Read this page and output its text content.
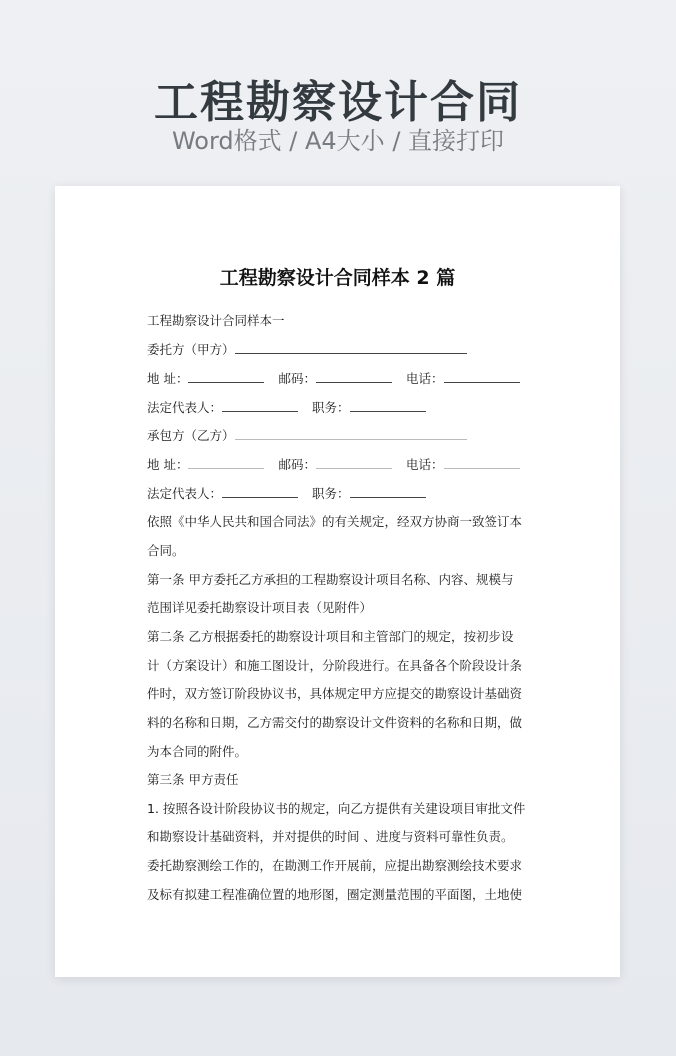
工程勘察设计合同
Word格式 / A4大小 / 直接打印
工程勘察设计合同样本 2 篇
工程勘察设计合同样本一
委托方（甲方）
地 址：	邮码：	电话：
法定代表人：	职务：
承包方（乙方）
地 址：	邮码：	电话：
法定代表人：	职务：
依照《中华人民共和国合同法》的有关规定，经双方协商一致签订本
合同。
第一条 甲方委托乙方承担的工程勘察设计项目名称、内容、规模与
范围详见委托勘察设计项目表（见附件）
第二条 乙方根据委托的勘察设计项目和主管部门的规定，按初步设
计（方案设计）和施工图设计，分阶段进行。在具备各个阶段设计条
件时，双方签订阶段协议书，具体规定甲方应提交的勘察设计基础资
料的名称和日期，乙方需交付的勘察设计文件资料的名称和日期，做
为本合同的附件。
第三条 甲方责任
1. 按照各设计阶段协议书的规定，向乙方提供有关建设项目审批文件
和勘察设计基础资料，并对提供的时间 、进度与资料可靠性负责。
委托勘察测绘工作的，在勘测工作开展前，应提出勘察测绘技术要求
及标有拟建工程准确位置的地形图，圈定测量范围的平面图，土地使
